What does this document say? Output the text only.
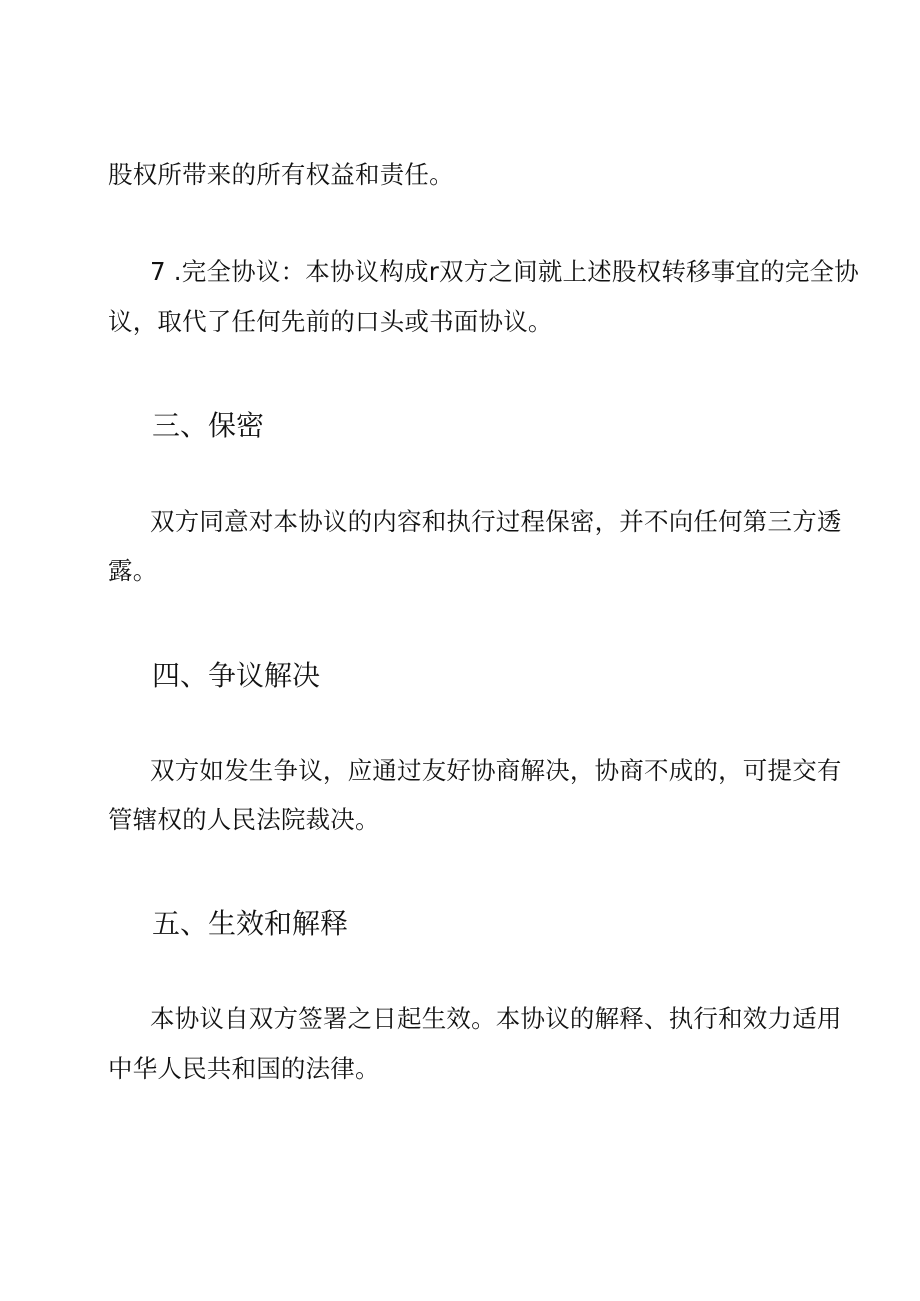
股权所带来的所有权益和责任。
7 .完全协议：本协议构成r双方之间就上述股权转移事宜的完全协
议，取代了任何先前的口头或书面协议。
三、保密
双方同意对本协议的内容和执行过程保密，并不向任何第三方透
露。
四、争议解决
双方如发生争议，应通过友好协商解决，协商不成的，可提交有
管辖权的人民法院裁决。
五、生效和解释
本协议自双方签署之日起生效。本协议的解释、执行和效力适用
中华人民共和国的法律。
